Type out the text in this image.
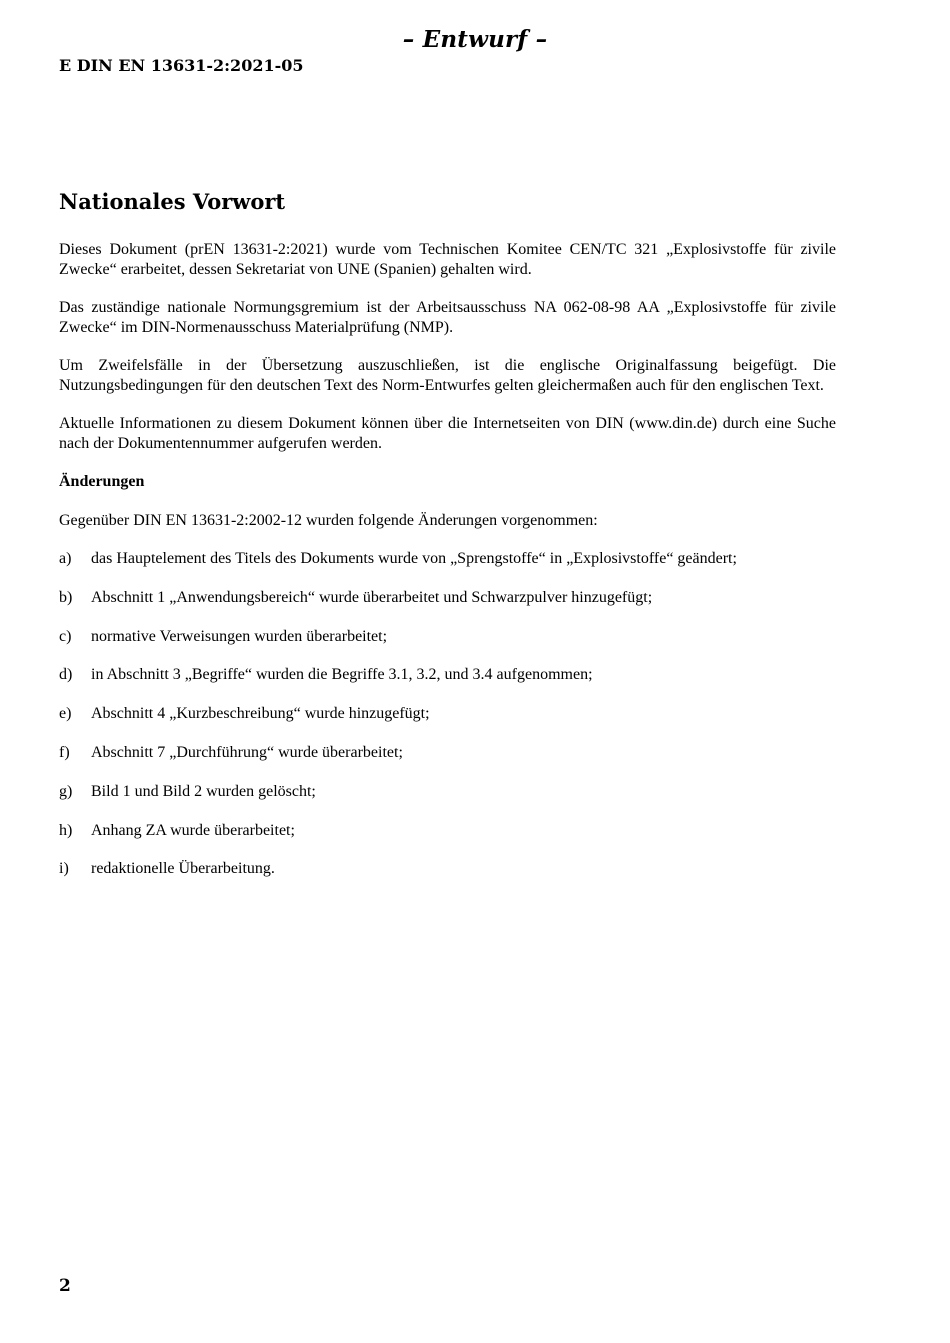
– Entwurf –
E DIN EN 13631-2:2021-05
Nationales Vorwort

Dieses Dokument (prEN 13631-2:2021) wurde vom Technischen Komitee CEN/TC 321 „Explosivstoffe für zivile Zwecke“ erarbeitet, dessen Sekretariat von UNE (Spanien) gehalten wird.

Das zuständige nationale Normungsgremium ist der Arbeitsausschuss NA 062-08-98 AA „Explosivstoffe für zivile Zwecke“ im DIN-Normenausschuss Materialprüfung (NMP).

Um Zweifelsfälle in der Übersetzung auszuschließen, ist die englische Originalfassung beigefügt. Die Nutzungsbedingungen für den deutschen Text des Norm-Entwurfes gelten gleichermaßen auch für den englischen Text.

Aktuelle Informationen zu diesem Dokument können über die Internetseiten von DIN (www.din.de) durch eine Suche nach der Dokumentennummer aufgerufen werden.

Änderungen

Gegenüber DIN EN 13631-2:2002-12 wurden folgende Änderungen vorgenommen:

a) das Hauptelement des Titels des Dokuments wurde von „Sprengstoffe“ in „Explosivstoffe“ geändert;
b) Abschnitt 1 „Anwendungsbereich“ wurde überarbeitet und Schwarzpulver hinzugefügt;
c) normative Verweisungen wurden überarbeitet;
d) in Abschnitt 3 „Begriffe“ wurden die Begriffe 3.1, 3.2, und 3.4 aufgenommen;
e) Abschnitt 4 „Kurzbeschreibung“ wurde hinzugefügt;
f) Abschnitt 7 „Durchführung“ wurde überarbeitet;
g) Bild 1 und Bild 2 wurden gelöscht;
h) Anhang ZA wurde überarbeitet;
i) redaktionelle Überarbeitung.
2
